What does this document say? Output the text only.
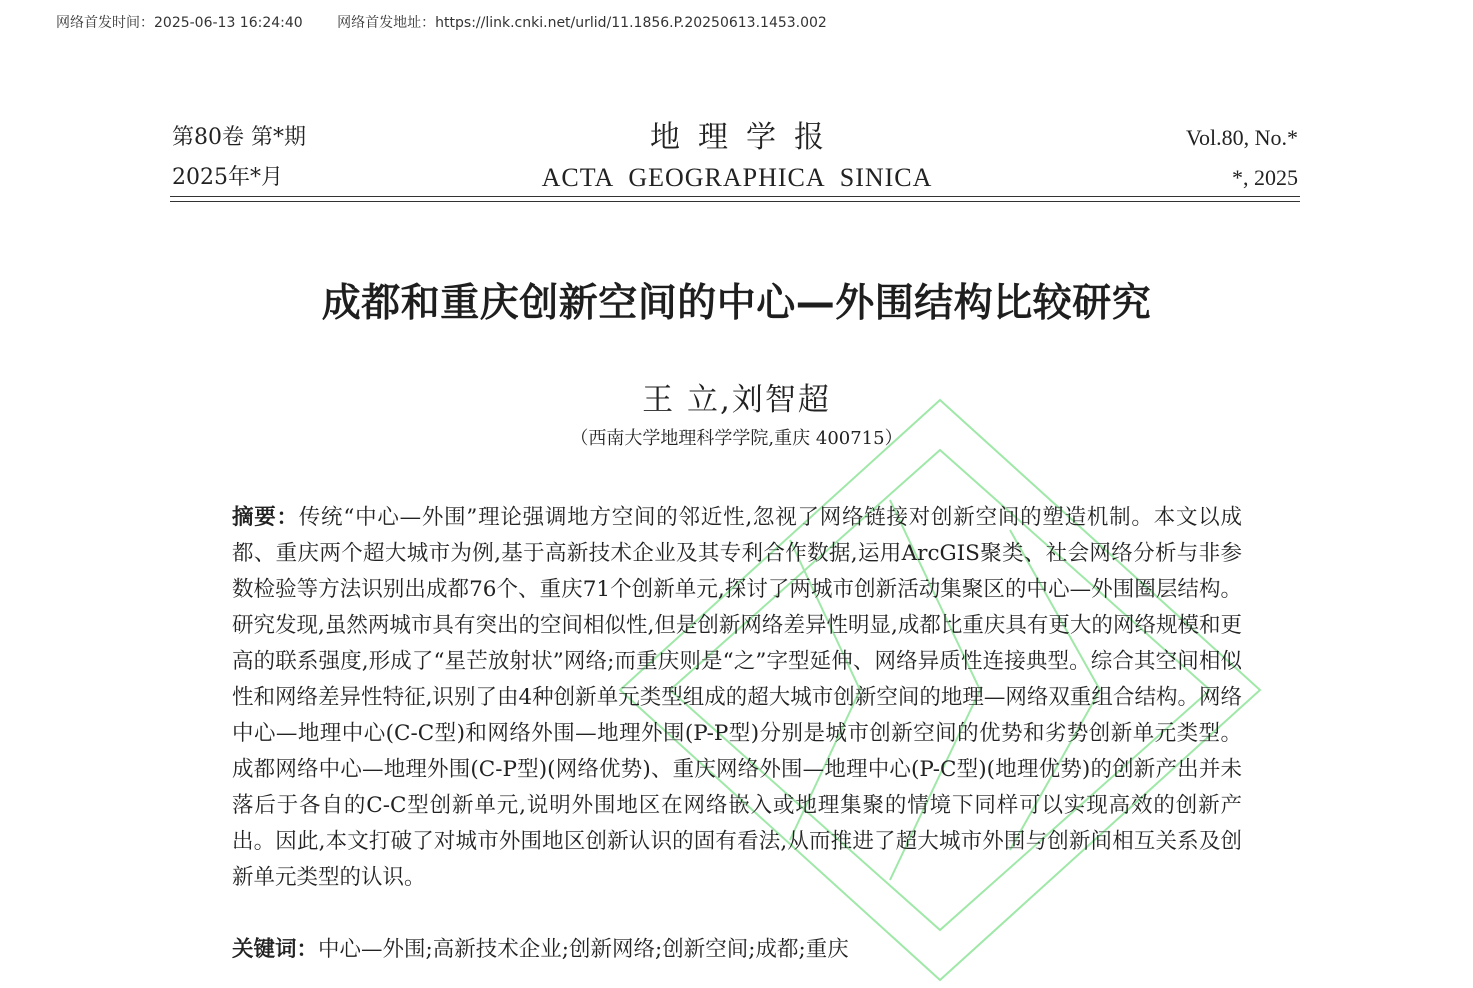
网络首发时间：2025-06-13 16:24:40 网络首发地址：https://link.cnki.net/urlid/11.1856.P.20250613.1453.002
第80卷 第*期
2025年*月
地理学报
ACTA GEOGRAPHICA SINICA
Vol.80, No.*
*, 2025
成都和重庆创新空间的中心—外围结构比较研究
王 立,刘智超
（西南大学地理科学学院,重庆 400715）
摘要：传统“中心—外围”理论强调地方空间的邻近性,忽视了网络链接对创新空间的塑造机制。本文以成都、重庆两个超大城市为例,基于高新技术企业及其专利合作数据,运用ArcGIS聚类、社会网络分析与非参数检验等方法识别出成都76个、重庆71个创新单元,探讨了两城市创新活动集聚区的中心—外围圈层结构。研究发现,虽然两城市具有突出的空间相似性,但是创新网络差异性明显,成都比重庆具有更大的网络规模和更高的联系强度,形成了“星芒放射状”网络;而重庆则是“之”字型延伸、网络异质性连接典型。综合其空间相似性和网络差异性特征,识别了由4种创新单元类型组成的超大城市创新空间的地理—网络双重组合结构。网络中心—地理中心(C-C型)和网络外围—地理外围(P-P型)分别是城市创新空间的优势和劣势创新单元类型。成都网络中心—地理外围(C-P型)(网络优势)、重庆网络外围—地理中心(P-C型)(地理优势)的创新产出并未落后于各自的C-C型创新单元,说明外围地区在网络嵌入或地理集聚的情境下同样可以实现高效的创新产出。因此,本文打破了对城市外围地区创新认识的固有看法,从而推进了超大城市外围与创新间相互关系及创新单元类型的认识。
关键词：中心—外围;高新技术企业;创新网络;创新空间;成都;重庆
